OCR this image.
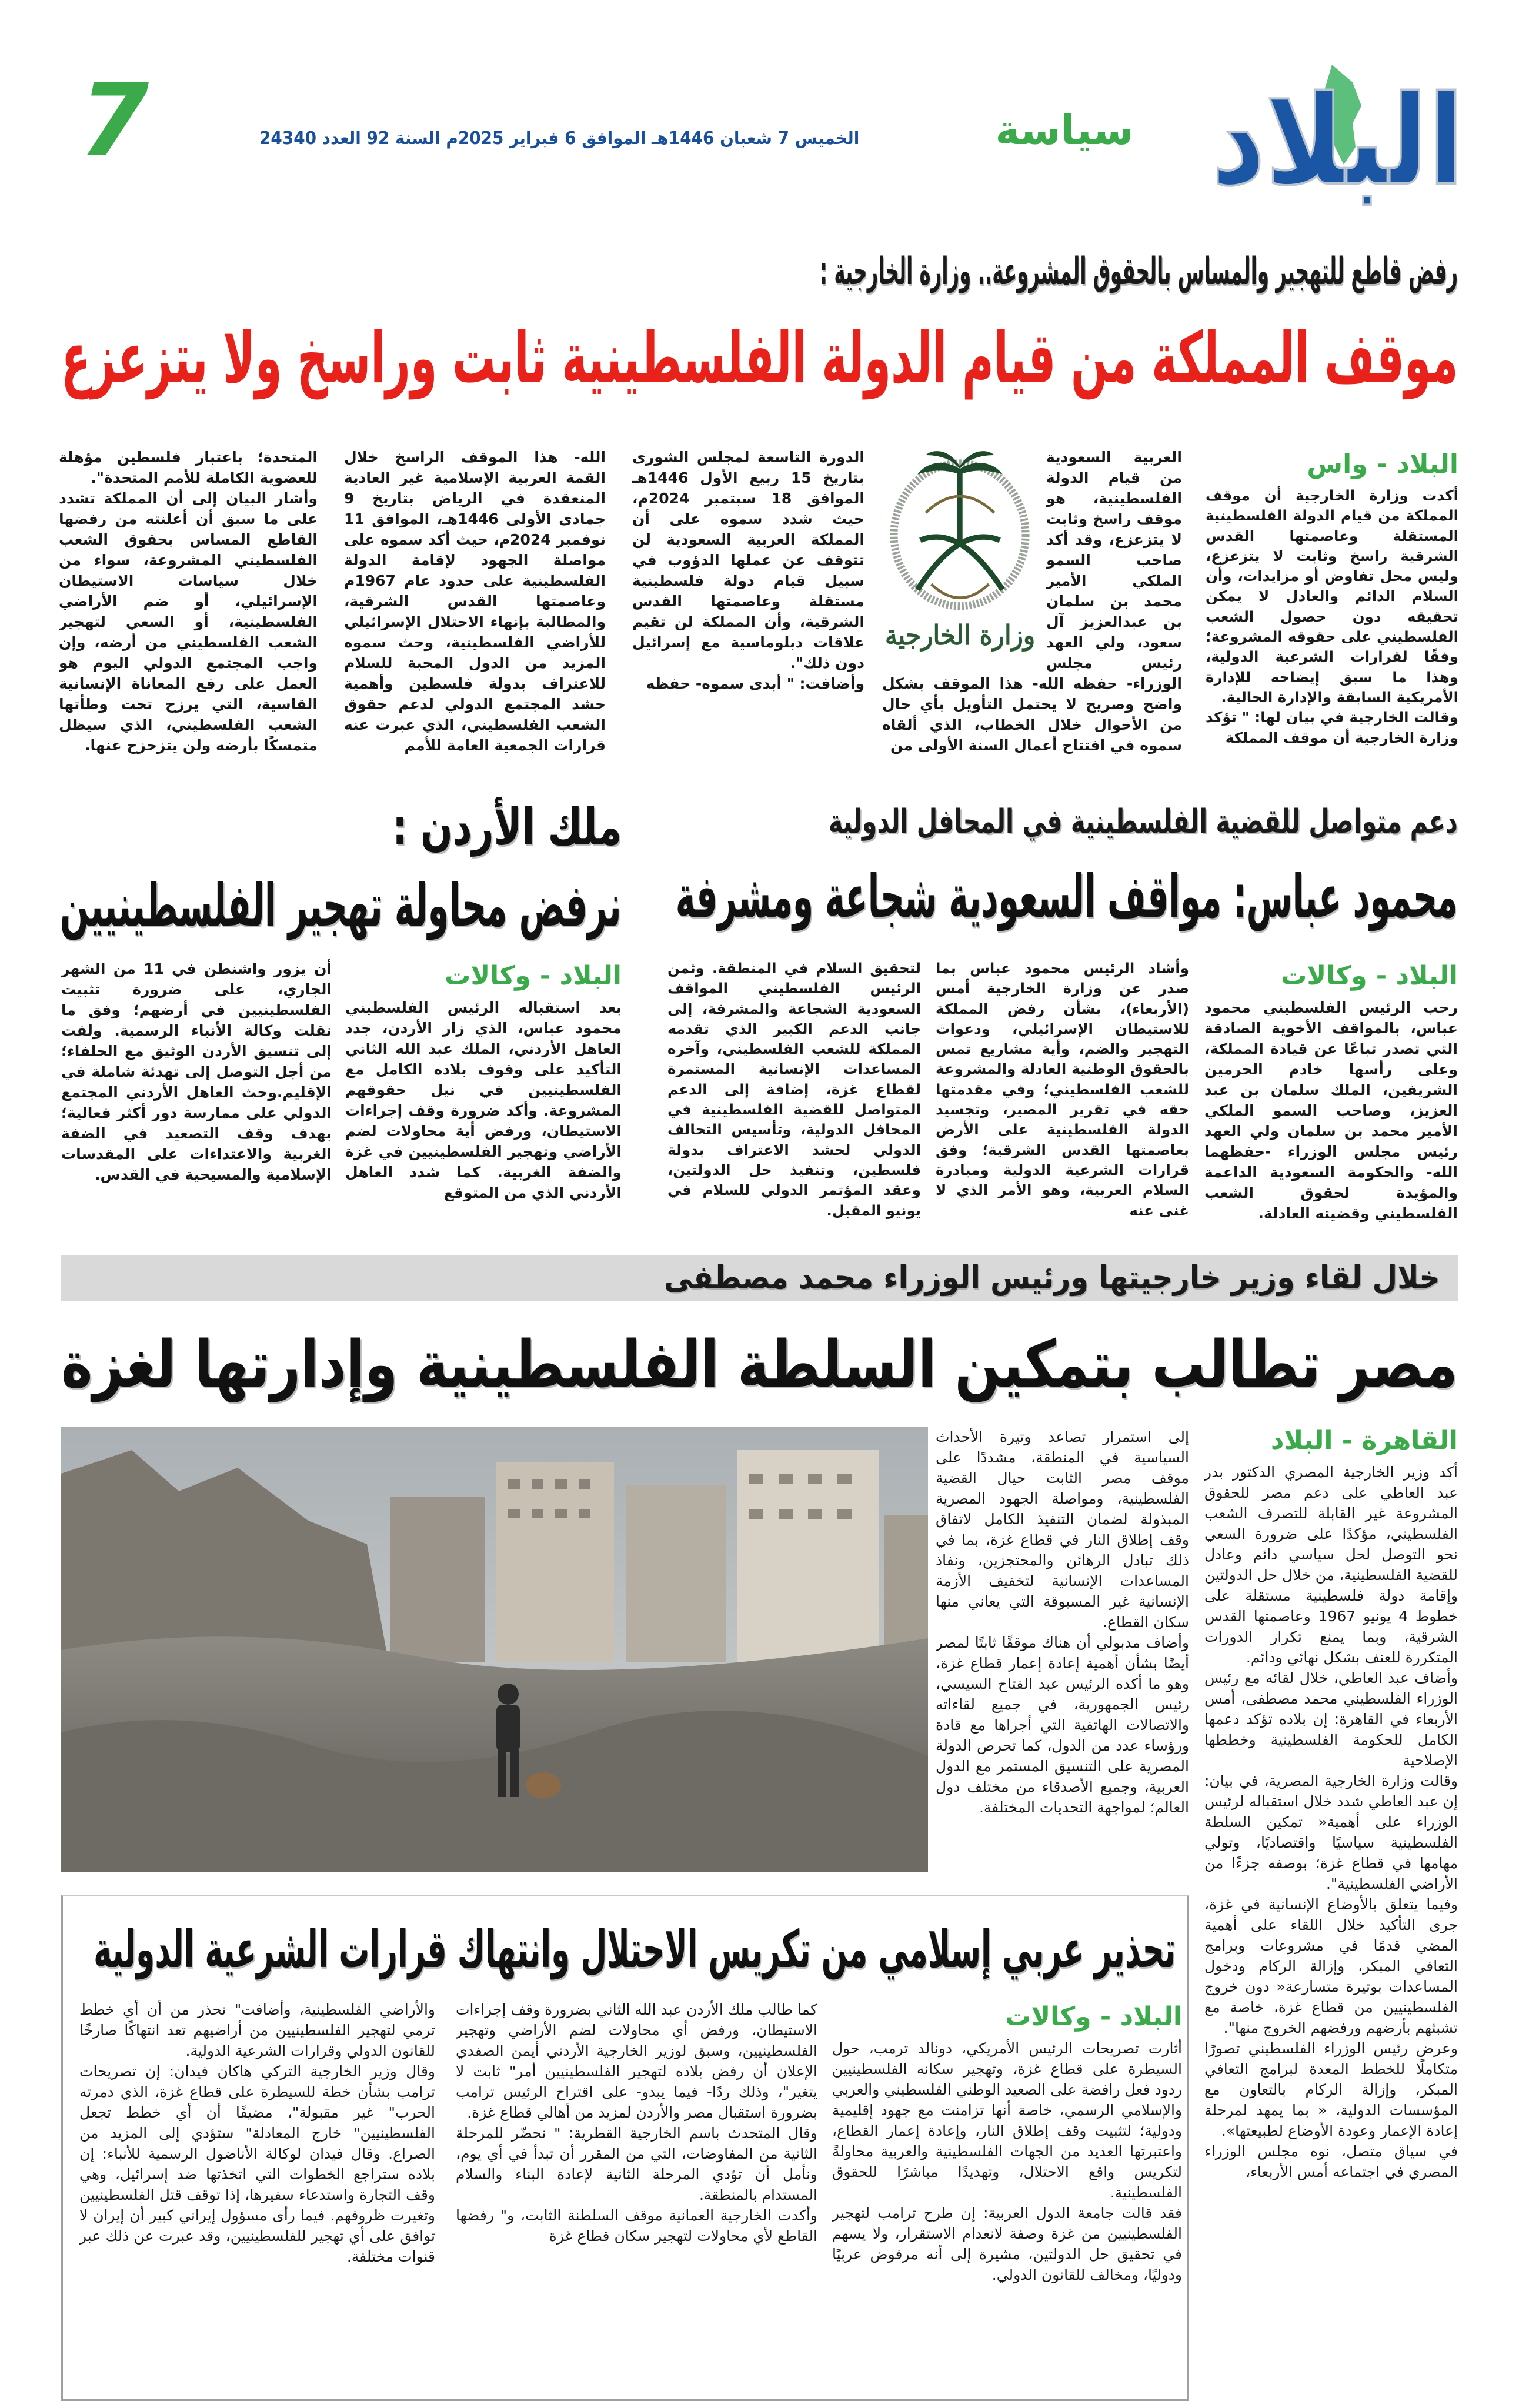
البلاد
سياسة
الخميس 7 شعبان 1446هـ الموافق 6 فبراير 2025م السنة 92 العدد 24340
7
رفض قاطع للتهجير والمساس بالحقوق المشروعة.. وزارة الخارجية :
موقف المملكة من قيام الدولة الفلسطينية ثابت وراسخ ولا يتزعزع
البلاد - واس

أكدت وزارة الخارجية أن موقف المملكة من قيام الدولة الفلسطينية المستقلة وعاصمتها القدس الشرقية راسخ وثابت لا يتزعزع، وليس محل تفاوض أو مزايدات، وأن السلام الدائم والعادل لا يمكن تحقيقه دون حصول الشعب الفلسطيني على حقوقه المشروعة؛ وفقًا لقرارات الشرعية الدولية، وهذا ما سبق إيضاحه للإدارة الأمريكية السابقة والإدارة الحالية.

وقالت الخارجية في بيان لها: " تؤكد وزارة الخارجية أن موقف المملكة

وزارة الخارجية

العربية السعودية من قيام الدولة الفلسطينية، هو موقف راسخ وثابت لا يتزعزع، وقد أكد صاحب السمو الملكي الأمير محمد بن سلمان بن عبدالعزيز آل سعود، ولي العهد رئيس مجلس الوزراء- حفظه الله- هذا الموقف بشكل واضح وصريح لا يحتمل التأويل بأي حال من الأحوال خلال الخطاب، الذي ألقاه سموه في افتتاح أعمال السنة الأولى من

الدورة التاسعة لمجلس الشورى بتاريخ 15 ربيع الأول 1446هـ الموافق 18 سبتمبر 2024م، حيث شدد سموه على أن المملكة العربية السعودية لن تتوقف عن عملها الدؤوب في سبيل قيام دولة فلسطينية مستقلة وعاصمتها القدس الشرقية، وأن المملكة لن تقيم علاقات دبلوماسية مع إسرائيل دون ذلك".

وأضافت: " أبدى سموه- حفظه

الله- هذا الموقف الراسخ خلال القمة العربية الإسلامية غير العادية المنعقدة في الرياض بتاريخ 9 جمادى الأولى 1446هـ، الموافق 11 نوفمبر 2024م، حيث أكد سموه على مواصلة الجهود لإقامة الدولة الفلسطينية على حدود عام 1967م وعاصمتها القدس الشرقية، والمطالبة بإنهاء الاحتلال الإسرائيلي للأراضي الفلسطينية، وحث سموه المزيد من الدول المحبة للسلام للاعتراف بدولة فلسطين وأهمية حشد المجتمع الدولي لدعم حقوق الشعب الفلسطيني، الذي عبرت عنه قرارات الجمعية العامة للأمم

المتحدة؛ باعتبار فلسطين مؤهلة للعضوية الكاملة للأمم المتحدة".

وأشار البيان إلى أن المملكة تشدد على ما سبق أن أعلنته من رفضها القاطع المساس بحقوق الشعب الفلسطيني المشروعة، سواء من خلال سياسات الاستيطان الإسرائيلي، أو ضم الأراضي الفلسطينية، أو السعي لتهجير الشعب الفلسطيني من أرضه، وإن واجب المجتمع الدولي اليوم هو العمل على رفع المعاناة الإنسانية القاسية، التي يرزح تحت وطأتها الشعب الفلسطيني، الذي سيظل متمسكًا بأرضه ولن يتزحزح عنها.

دعم متواصل للقضية الفلسطينية في المحافل الدولية
محمود عباس: مواقف السعودية شجاعة ومشرفة
البلاد - وكالات

رحب الرئيس الفلسطيني محمود عباس، بالمواقف الأخوية الصادقة التي تصدر تباعًا عن قيادة المملكة، وعلى رأسها خادم الحرمين الشريفين، الملك سلمان بن عبد العزيز، وصاحب السمو الملكي الأمير محمد بن سلمان ولي العهد رئيس مجلس الوزراء -حفظهما الله- والحكومة السعودية الداعمة والمؤيدة لحقوق الشعب الفلسطيني وقضيته العادلة.

وأشاد الرئيس محمود عباس بما صدر عن وزارة الخارجية أمس (الأربعاء)، بشأن رفض المملكة للاستيطان الإسرائيلي، ودعوات التهجير والضم، وأية مشاريع تمس بالحقوق الوطنية العادلة والمشروعة للشعب الفلسطيني؛ وفي مقدمتها حقه في تقرير المصير، وتجسيد الدولة الفلسطينية على الأرض بعاصمتها القدس الشرقية؛ وفق قرارات الشرعية الدولية ومبادرة السلام العربية، وهو الأمر الذي لا غنى عنه

لتحقيق السلام في المنطقة. وثمن الرئيس الفلسطيني المواقف السعودية الشجاعة والمشرفة، إلى جانب الدعم الكبير الذي تقدمه المملكة للشعب الفلسطيني، وآخره المساعدات الإنسانية المستمرة لقطاع غزة، إضافة إلى الدعم المتواصل للقضية الفلسطينية في المحافل الدولية، وتأسيس التحالف الدولي لحشد الاعتراف بدولة فلسطين، وتنفيذ حل الدولتين، وعقد المؤتمر الدولي للسلام في يونيو المقبل.

ملك الأردن :
نرفض محاولة تهجير الفلسطينيين
البلاد - وكالات

بعد استقباله الرئيس الفلسطيني محمود عباس، الذي زار الأردن، جدد العاهل الأردني، الملك عبد الله الثاني التأكيد على وقوف بلاده الكامل مع الفلسطينيين في نيل حقوقهم المشروعة. وأكد ضرورة وقف إجراءات الاستيطان، ورفض أية محاولات لضم الأراضي وتهجير الفلسطينيين في غزة والضفة الغربية. كما شدد العاهل الأردني الذي من المتوقع

أن يزور واشنطن في 11 من الشهر الجاري، على ضرورة تثبيت الفلسطينيين في أرضهم؛ وفق ما نقلت وكالة الأنباء الرسمية. ولفت إلى تنسيق الأردن الوثيق مع الحلفاء؛ من أجل التوصل إلى تهدئة شاملة في الإقليم.وحث العاهل الأردني المجتمع الدولي على ممارسة دور أكثر فعالية؛ بهدف وقف التصعيد في الضفة الغربية والاعتداءات على المقدسات الإسلامية والمسيحية في القدس.

خلال لقاء وزير خارجيتها ورئيس الوزراء محمد مصطفى
مصر تطالب بتمكين السلطة الفلسطينية وإدارتها لغزة
القاهرة - البلاد

أكد وزير الخارجية المصري الدكتور بدر عبد العاطي على دعم مصر للحقوق المشروعة غير القابلة للتصرف الشعب الفلسطيني، مؤكدًا على ضرورة السعي نحو التوصل لحل سياسي دائم وعادل للقضية الفلسطينية، من خلال حل الدولتين وإقامة دولة فلسطينية مستقلة على خطوط 4 يونيو 1967 وعاصمتها القدس الشرقية، وبما يمنع تكرار الدورات المتكررة للعنف بشكل نهائي ودائم.

وأضاف عبد العاطي، خلال لقائه مع رئيس الوزراء الفلسطيني محمد مصطفى، أمس الأربعاء في القاهرة: إن بلاده تؤكد دعمها الكامل للحكومة الفلسطينية وخططها الإصلاحية

وقالت وزارة الخارجية المصرية، في بيان: إن عبد العاطي شدد خلال استقباله لرئيس الوزراء على أهمية« تمكين السلطة الفلسطينية سياسيًا واقتصاديًا، وتولي مهامها في قطاع غزة؛ بوصفه جزءًا من الأراضي الفلسطينية".

وفيما يتعلق بالأوضاع الإنسانية في غزة، جرى التأكيد خلال اللقاء على أهمية المضي قدمًا في مشروعات وبرامج التعافي المبكر، وإزالة الركام ودخول المساعدات بوتيرة متسارعة« دون خروج الفلسطينيين من قطاع غزة، خاصة مع تشبثهم بأرضهم ورفضهم الخروج منها".

وعرض رئيس الوزراء الفلسطيني تصورًا متكاملًا للخطط المعدة لبرامج التعافي المبكر، وإزالة الركام بالتعاون مع المؤسسات الدولية، « بما يمهد لمرحلة إعادة الإعمار وعودة الأوضاع لطبيعتها».

في سياق متصل، نوه مجلس الوزراء المصري في اجتماعه أمس الأربعاء،

إلى استمرار تصاعد وتيرة الأحداث السياسية في المنطقة، مشددًا على موقف مصر الثابت حيال القضية الفلسطينية، ومواصلة الجهود المصرية المبذولة لضمان التنفيذ الكامل لاتفاق وقف إطلاق النار في قطاع غزة، بما في ذلك تبادل الرهائن والمحتجزين، ونفاذ المساعدات الإنسانية لتخفيف الأزمة الإنسانية غير المسبوقة التي يعاني منها سكان القطاع.

وأضاف مدبولي أن هناك موقفًا ثابتًا لمصر أيضًا بشأن أهمية إعادة إعمار قطاع غزة، وهو ما أكده الرئيس عبد الفتاح السيسي، رئيس الجمهورية، في جميع لقاءاته والاتصالات الهاتفية التي أجراها مع قادة ورؤساء عدد من الدول، كما تحرص الدولة المصرية على التنسيق المستمر مع الدول العربية، وجميع الأصدقاء من مختلف دول العالم؛ لمواجهة التحديات المختلفة.

تحذير عربي إسلامي من تكريس الاحتلال وانتهاك قرارات الشرعية الدولية
البلاد - وكالات

أثارت تصريحات الرئيس الأمريكي، دونالد ترمب، حول السيطرة على قطاع غزة، وتهجير سكانه الفلسطينيين ردود فعل رافضة على الصعيد الوطني الفلسطيني والعربي والإسلامي الرسمي، خاصة أنها تزامنت مع جهود إقليمية ودولية؛ لتثبيت وقف إطلاق النار، وإعادة إعمار القطاع، واعتبرتها العديد من الجهات الفلسطينية والعربية محاولةً لتكريس واقع الاحتلال، وتهديدًا مباشرًا للحقوق الفلسطينية.

فقد قالت جامعة الدول العربية: إن طرح ترامب لتهجير الفلسطينيين من غزة وصفة لانعدام الاستقرار، ولا يسهم في تحقيق حل الدولتين، مشيرة إلى أنه مرفوض عربيًا ودوليًا، ومخالف للقانون الدولي.

كما طالب ملك الأردن عبد الله الثاني بضرورة وقف إجراءات الاستيطان، ورفض أي محاولات لضم الأراضي وتهجير الفلسطينيين، وسبق لوزير الخارجية الأردني أيمن الصفدي الإعلان أن رفض بلاده لتهجير الفلسطينيين أمر" ثابت لا يتغير"، وذلك ردًا- فيما يبدو- على اقتراح الرئيس ترامب بضرورة استقبال مصر والأردن لمزيد من أهالي قطاع غزة.

وقال المتحدث باسم الخارجية القطرية: " نحضّر للمرحلة الثانية من المفاوضات، التي من المقرر أن تبدأ في أي يوم، ونأمل أن تؤدي المرحلة الثانية لإعادة البناء والسلام المستدام بالمنطقة.

وأكدت الخارجية العمانية موقف السلطنة الثابت، و" رفضها القاطع لأي محاولات لتهجير سكان قطاع غزة

والأراضي الفلسطينية، وأضافت" نحذر من أن أي خطط ترمي لتهجير الفلسطينيين من أراضيهم تعد انتهاكًا صارخًا للقانون الدولي وقرارات الشرعية الدولية.

وقال وزير الخارجية التركي هاكان فيدان: إن تصريحات ترامب بشأن خطة للسيطرة على قطاع غزة، الذي دمرته الحرب" غير مقبولة"، مضيفًا أن أي خطط تجعل الفلسطينيين" خارج المعادلة" ستؤدي إلى المزيد من الصراع. وقال فيدان لوكالة الأناضول الرسمية للأنباء: إن بلاده ستراجع الخطوات التي اتخذتها ضد إسرائيل، وهي وقف التجارة واستدعاء سفيرها، إذا توقف قتل الفلسطينيين وتغيرت ظروفهم. فيما رأى مسؤول إيراني كبير أن إيران لا توافق على أي تهجير للفلسطينيين، وقد عبرت عن ذلك عبر قنوات مختلفة.
